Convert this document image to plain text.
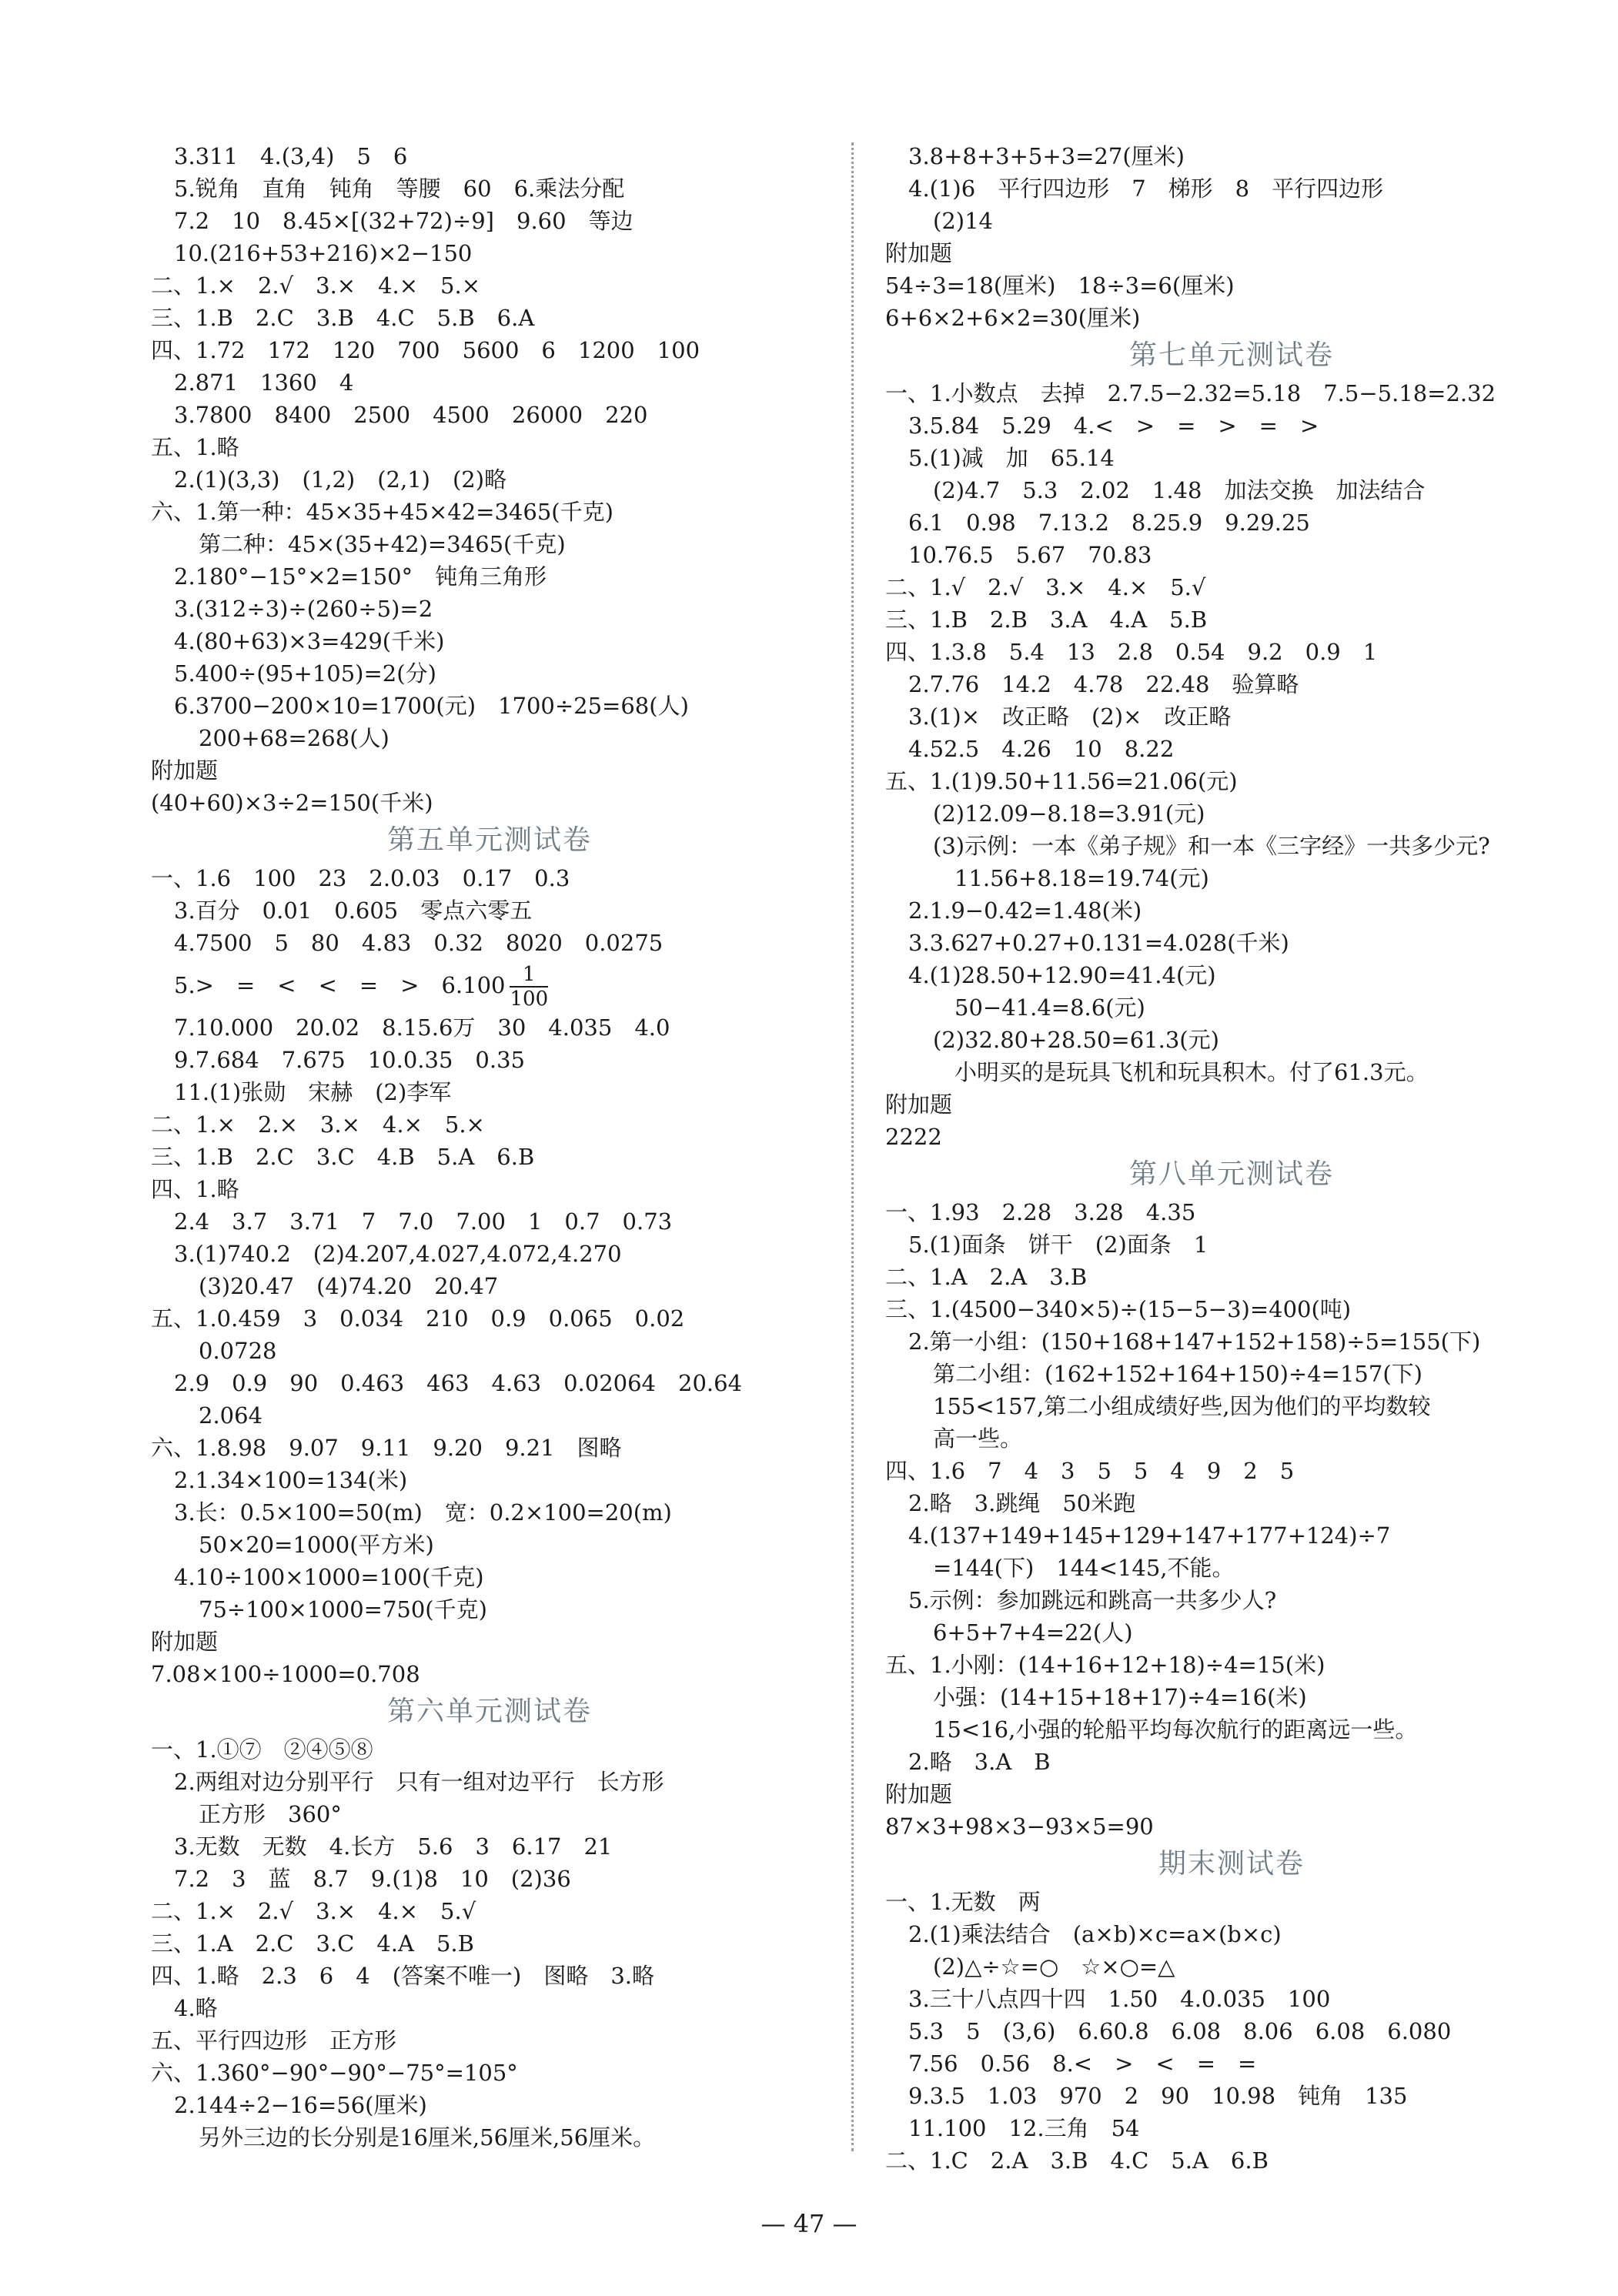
3.311　4.(3,4)　5　6
5.锐角　直角　钝角　等腰　60　6.乘法分配
7.2　10　8.45×[(32+72)÷9]　9.60　等边
10.(216+53+216)×2−150
二、1.×　2.√　3.×　4.×　5.×
三、1.B　2.C　3.B　4.C　5.B　6.A
四、1.72　172　120　700　5600　6　1200　100
2.871　1360　4
3.7800　8400　2500　4500　26000　220
五、1.略
2.(1)(3,3)　(1,2)　(2,1)　(2)略
六、1.第一种：45×35+45×42=3465(千克)
第二种：45×(35+42)=3465(千克)
2.180°−15°×2=150°　钝角三角形
3.(312÷3)÷(260÷5)=2
4.(80+63)×3=429(千米)
5.400÷(95+105)=2(分)
6.3700−200×10=1700(元)　1700÷25=68(人)
200+68=268(人)
附加题
(40+60)×3÷2=150(千米)
第五单元测试卷
一、1.6　100　23　2.0.03　0.17　0.3
3.百分　0.01　0.605　零点六零五
4.7500　5　80　4.83　0.32　8020　0.0275
5.>　=　<　<　=　>　$6.100 \frac{1}{100}$
7.10.000　20.02　8.15.6万　30　4.035　4.0
9.7.684　7.675　10.0.35　0.35
11.(1)张勋　宋赫　(2)李军
二、1.×　2.×　3.×　4.×　5.×
三、1.B　2.C　3.C　4.B　5.A　6.B
四、1.略
2.4　3.7　3.71　7　7.0　7.00　1　0.7　0.73
3.(1)740.2　(2)4.207,4.027,4.072,4.270
(3)20.47　(4)74.20　20.47
五、1.0.459　3　0.034　210　0.9　0.065　0.02
0.0728
2.9　0.9　90　0.463　463　4.63　0.02064　20.64
2.064
六、1.8.98　9.07　9.11　9.20　9.21　图略
2.1.34×100=134(米)
3.长：0.5×100=50(m)　宽：0.2×100=20(m)
50×20=1000(平方米)
4.10÷100×1000=100(千克)
75÷100×1000=750(千克)
附加题
7.08×100÷1000=0.708
第六单元测试卷
一、1.①⑦　②④⑤⑧
2.两组对边分别平行　只有一组对边平行　长方形
正方形　360°
3.无数　无数　4.长方　5.6　3　6.17　21
7.2　3　蓝　8.7　9.(1)8　10　(2)36
二、1.×　2.√　3.×　4.×　5.√
三、1.A　2.C　3.C　4.A　5.B
四、1.略　2.3　6　4　(答案不唯一)　图略　3.略
4.略
五、平行四边形　正方形
六、1.360°−90°−90°−75°=105°
2.144÷2−16=56(厘米)
另外三边的长分别是16厘米,56厘米,56厘米。
3.8+8+3+5+3=27(厘米)
4.(1)6　平行四边形　7　梯形　8　平行四边形
(2)14
附加题
54÷3=18(厘米)　18÷3=6(厘米)
6+6×2+6×2=30(厘米)
第七单元测试卷
一、1.小数点　去掉　2.7.5−2.32=5.18　7.5−5.18=2.32
3.5.84　5.29　4.<　>　=　>　=　>
5.(1)减　加　65.14
(2)4.7　5.3　2.02　1.48　加法交换　加法结合
6.1　0.98　7.13.2　8.25.9　9.29.25
10.76.5　5.67　70.83
二、1.√　2.√　3.×　4.×　5.√
三、1.B　2.B　3.A　4.A　5.B
四、1.3.8　5.4　13　2.8　0.54　9.2　0.9　1
2.7.76　14.2　4.78　22.48　验算略
3.(1)×　改正略　(2)×　改正略
4.52.5　4.26　10　8.22
五、1.(1)9.50+11.56=21.06(元)
(2)12.09−8.18=3.91(元)
(3)示例：一本《弟子规》和一本《三字经》一共多少元?
11.56+8.18=19.74(元)
2.1.9−0.42=1.48(米)
3.3.627+0.27+0.131=4.028(千米)
4.(1)28.50+12.90=41.4(元)
50−41.4=8.6(元)
(2)32.80+28.50=61.3(元)
小明买的是玩具飞机和玩具积木。付了61.3元。
附加题
2222
第八单元测试卷
一、1.93　2.28　3.28　4.35
5.(1)面条　饼干　(2)面条　1
二、1.A　2.A　3.B
三、1.(4500−340×5)÷(15−5−3)=400(吨)
2.第一小组：(150+168+147+152+158)÷5=155(下)
第二小组：(162+152+164+150)÷4=157(下)
155<157,第二小组成绩好些,因为他们的平均数较
高一些。
四、1.6　7　4　3　5　5　4　9　2　5
2.略　3.跳绳　50米跑
4.(137+149+145+129+147+177+124)÷7
=144(下)　144<145,不能。
5.示例：参加跳远和跳高一共多少人?
6+5+7+4=22(人)
五、1.小刚：(14+16+12+18)÷4=15(米)
小强：(14+15+18+17)÷4=16(米)
15<16,小强的轮船平均每次航行的距离远一些。
2.略　3.A　B
附加题
87×3+98×3−93×5=90
期末测试卷
一、1.无数　两
2.(1)乘法结合　(a×b)×c=a×(b×c)
(2)△÷☆=○　☆×○=△
3.三十八点四十四　1.50　4.0.035　100
5.3　5　(3,6)　6.60.8　6.08　8.06　6.08　6.080
7.56　0.56　8.<　>　<　=　=
9.3.5　1.03　970　2　90　10.98　钝角　135
11.100　12.三角　54
二、1.C　2.A　3.B　4.C　5.A　6.B
— 47 —
